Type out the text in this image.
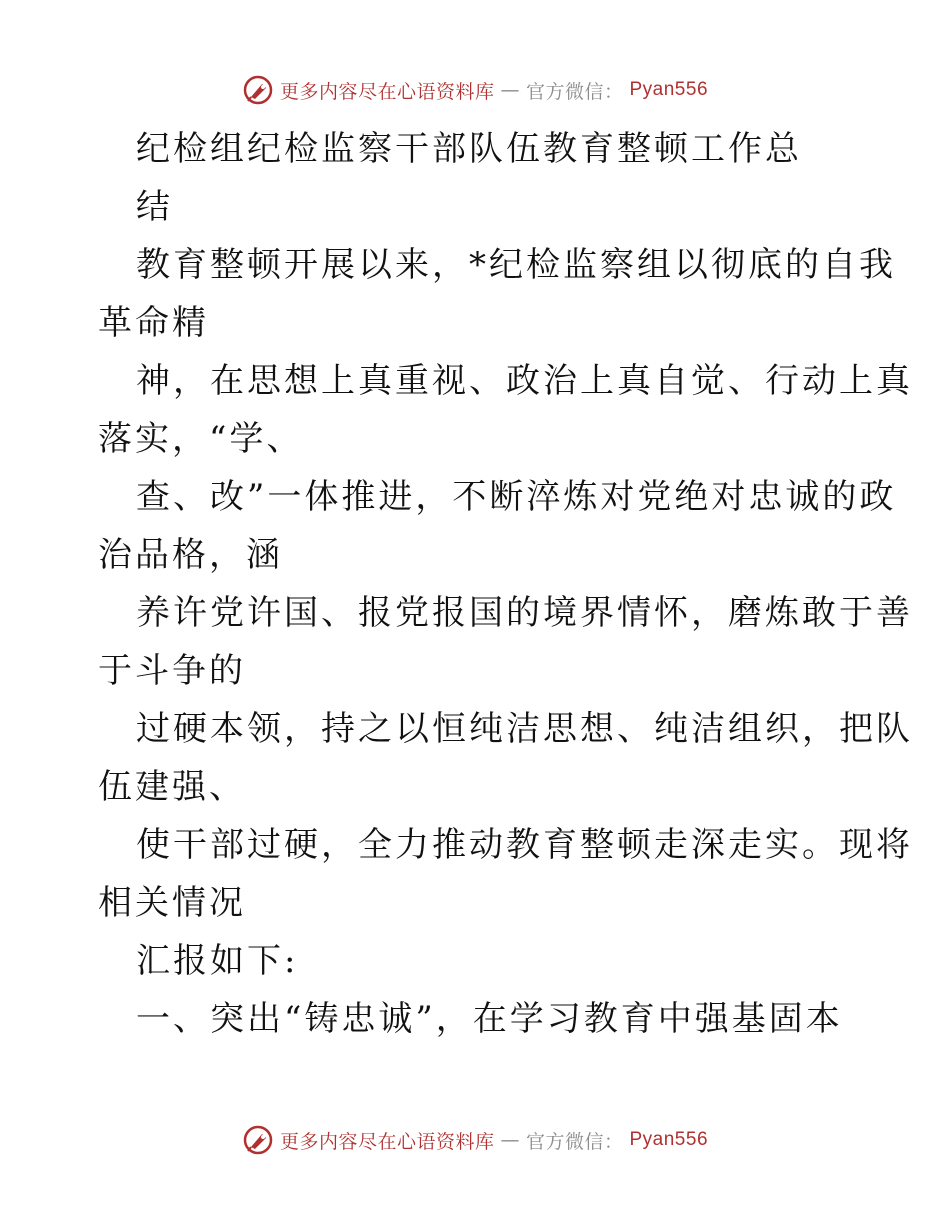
更多内容尽在心语资料库 — 官方微信： Pyan556
纪检组纪检监察干部队伍教育整顿工作总
结
教育整顿开展以来，*纪检监察组以彻底的自我
革命精
神，在思想上真重视、政治上真自觉、行动上真
落实，“学、
查、改”一体推进，不断淬炼对党绝对忠诚的政
治品格，涵
养许党许国、报党报国的境界情怀，磨炼敢于善
于斗争的
过硬本领，持之以恒纯洁思想、纯洁组织，把队
伍建强、
使干部过硬，全力推动教育整顿走深走实。现将
相关情况
汇报如下:
一、突出“铸忠诚”，在学习教育中强基固本
更多内容尽在心语资料库 — 官方微信： Pyan556
